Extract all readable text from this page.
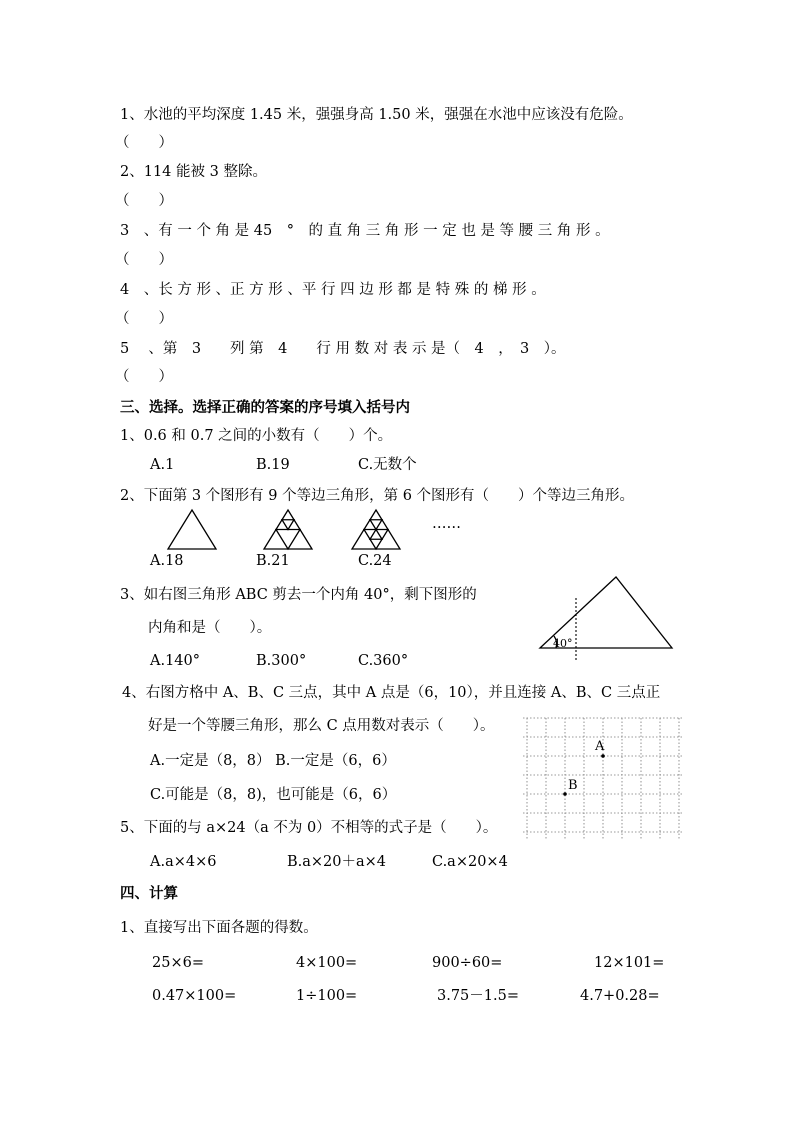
1、水池的平均深度 1.45 米，强强身高 1.50 米，强强在水池中应该没有危险。
（　　）
2、114 能被 3 整除。
（　　）
3　、有 一 个 角 是 45　°　的 直 角 三 角 形 一 定 也 是 等 腰 三 角 形 。
（　　）
4　、长 方 形 、正 方 形 、平 行 四 边 形 都 是 特 殊 的 梯 形 。
（　　）
5　 、第　3　　列 第　4　　行 用 数 对 表 示 是（　4　，　3　）。
（　　）
三、选择。选择正确的答案的序号填入括号内
1、0.6 和 0.7 之间的小数有（　　）个。
A.1	B.19	C.无数个
2、下面第 3 个图形有 9 个等边三角形，第 6 个图形有（　　）个等边三角形。
……
A.18	B.21	C.24
3、如右图三角形 ABC 剪去一个内角 40°，剩下图形的
内角和是（　　）。
40°
A.140°	B.300°	C.360°
4、右图方格中 A、B、C 三点，其中 A 点是（6，10），并且连接 A、B、C 三点正
好是一个等腰三角形，那么 C 点用数对表示（　　）。
A.一定是（8，8） B.一定是（6，6）
C.可能是（8，8)，也可能是（6，6）
A
B
5、下面的与 a×24（a 不为 0）不相等的式子是（　　）。
A.a×4×6	B.a×20＋a×4	C.a×20×4
四、计算
1、直接写出下面各题的得数。
25×6=	4×100=	900÷60=	12×101=
0.47×100=	1÷100=	3.75－1.5=	4.7+0.28=
